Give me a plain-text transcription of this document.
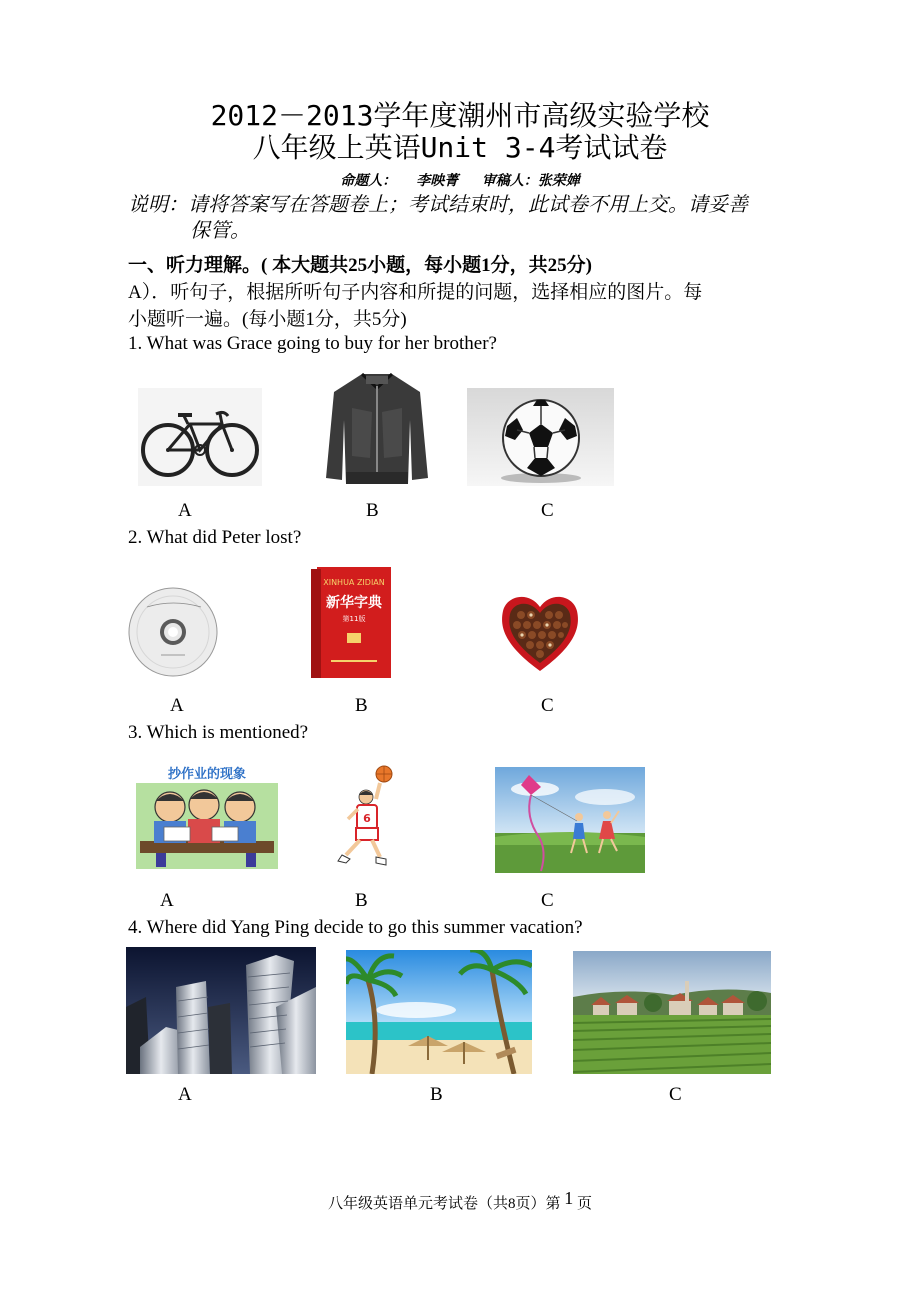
2012－2013学年度潮州市高级实验学校
八年级上英语Unit 3-4考试试卷
命题人： 李映菁 审稿人：张荣婵
说明：请将答案写在答题卷上；考试结束时，此试卷不用上交。请妥善
保管。
一、听力理解。( 本大题共25小题，每小题1分，共25分)
A）．听句子，根据所听句子内容和所提的问题，选择相应的图片。每
小题听一遍。(每小题1分，共5分)
1. What was Grace going to buy for her brother?
A	B	C
2. What did Peter lost?
XINHUA ZIDIAN
新华字典
第11版
A	B	C
3. Which is mentioned?
抄作业的现象
6
A	B	C
4. Where did Yang Ping decide to go this summer vacation?
A	B	C
八年级英语单元考试卷（共8页）第 $^1$ 页
